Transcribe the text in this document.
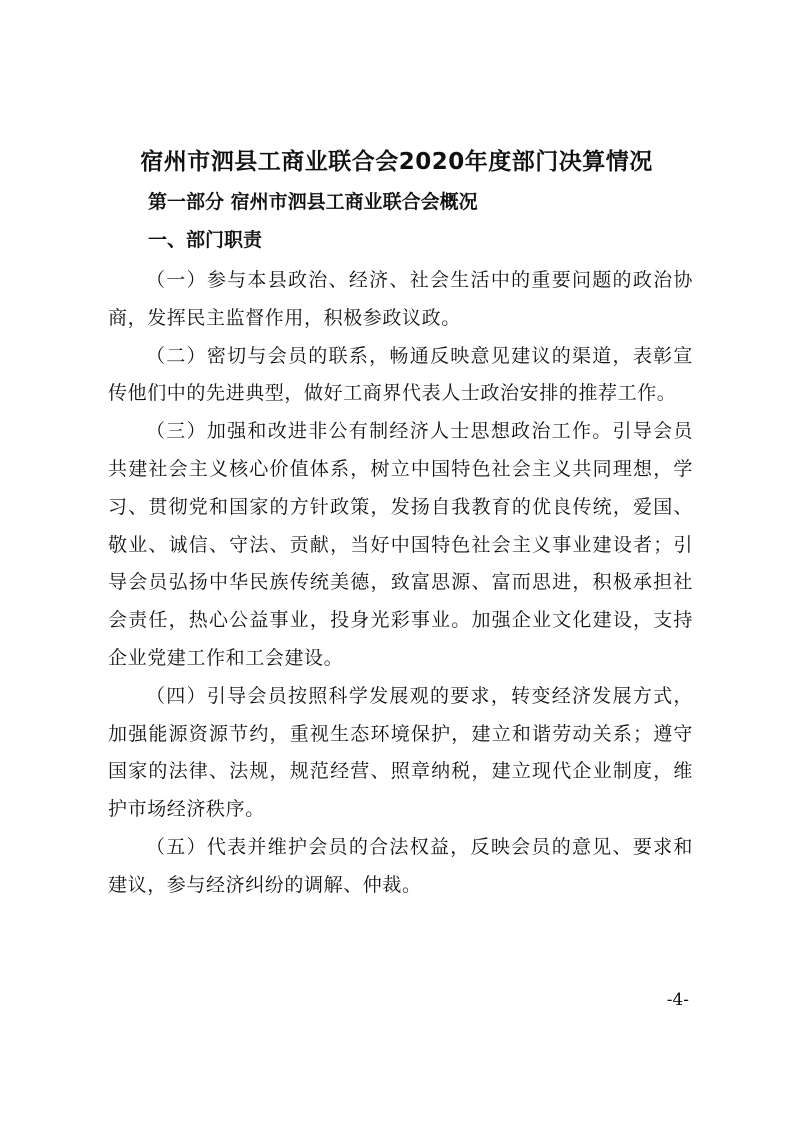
宿州市泗县工商业联合会2020年度部门决算情况
第一部分 宿州市泗县工商业联合会概况
一、部门职责

（一）参与本县政治、经济、社会生活中的重要问题的政治协商，发挥民主监督作用，积极参政议政。

（二）密切与会员的联系，畅通反映意见建议的渠道，表彰宣传他们中的先进典型，做好工商界代表人士政治安排的推荐工作。

（三）加强和改进非公有制经济人士思想政治工作。引导会员共建社会主义核心价值体系，树立中国特色社会主义共同理想，学习、贯彻党和国家的方针政策，发扬自我教育的优良传统，爱国、敬业、诚信、守法、贡献，当好中国特色社会主义事业建设者；引导会员弘扬中华民族传统美德，致富思源、富而思进，积极承担社会责任，热心公益事业，投身光彩事业。加强企业文化建设，支持企业党建工作和工会建设。

（四）引导会员按照科学发展观的要求，转变经济发展方式，加强能源资源节约，重视生态环境保护，建立和谐劳动关系；遵守国家的法律、法规，规范经营、照章纳税，建立现代企业制度，维护市场经济秩序。

（五）代表并维护会员的合法权益，反映会员的意见、要求和建议，参与经济纠纷的调解、仲裁。

-4-
